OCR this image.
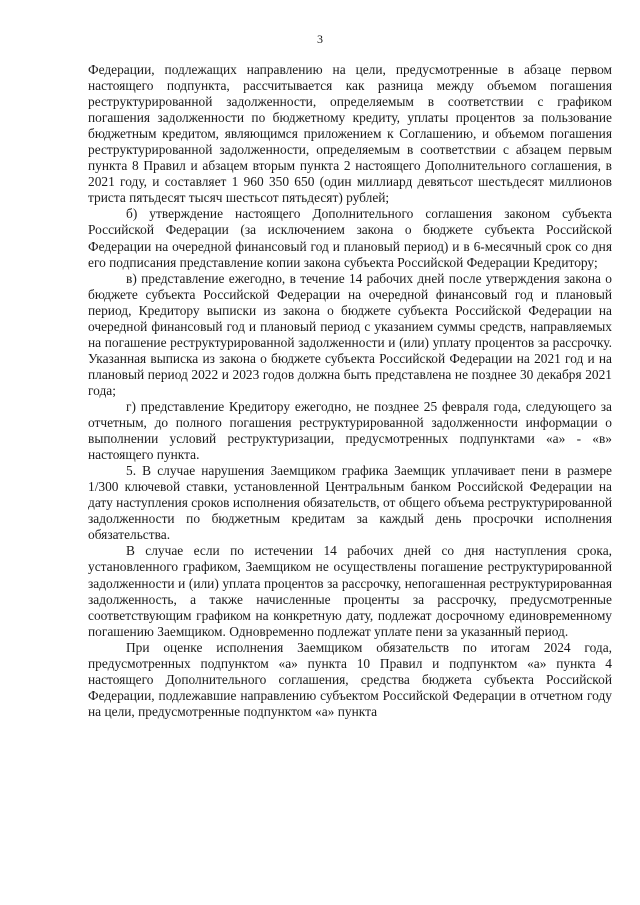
3

Федерации, подлежащих направлению на цели, предусмотренные в абзаце первом настоящего подпункта, рассчитывается как разница между объемом погашения реструктурированной задолженности, определяемым в соответствии с графиком погашения задолженности по бюджетному кредиту, уплаты процентов за пользование бюджетным кредитом, являющимся приложением к Соглашению, и объемом погашения реструктурированной задолженности, определяемым в соответствии с абзацем первым пункта 8 Правил и абзацем вторым пункта 2 настоящего Дополнительного соглашения, в 2021 году, и составляет 1 960 350 650 (один миллиард девятьсот шестьдесят миллионов триста пятьдесят тысяч шестьсот пятьдесят) рублей;

б) утверждение настоящего Дополнительного соглашения законом субъекта Российской Федерации (за исключением закона о бюджете субъекта Российской Федерации на очередной финансовый год и плановый период) и в 6-месячный срок со дня его подписания представление копии закона субъекта Российской Федерации Кредитору;

в) представление ежегодно, в течение 14 рабочих дней после утверждения закона о бюджете субъекта Российской Федерации на очередной финансовый год и плановый период, Кредитору выписки из закона о бюджете субъекта Российской Федерации на очередной финансовый год и плановый период с указанием суммы средств, направляемых на погашение реструктурированной задолженности и (или) уплату процентов за рассрочку. Указанная выписка из закона о бюджете субъекта Российской Федерации на 2021 год и на плановый период 2022 и 2023 годов должна быть представлена не позднее 30 декабря 2021 года;

г) представление Кредитору ежегодно, не позднее 25 февраля года, следующего за отчетным, до полного погашения реструктурированной задолженности информации о выполнении условий реструктуризации, предусмотренных подпунктами «а» - «в» настоящего пункта.

5. В случае нарушения Заемщиком графика Заемщик уплачивает пени в размере 1/300 ключевой ставки, установленной Центральным банком Российской Федерации на дату наступления сроков исполнения обязательств, от общего объема реструктурированной задолженности по бюджетным кредитам за каждый день просрочки исполнения обязательства.

В случае если по истечении 14 рабочих дней со дня наступления срока, установленного графиком, Заемщиком не осуществлены погашение реструктурированной задолженности и (или) уплата процентов за рассрочку, непогашенная реструктурированная задолженность, а также начисленные проценты за рассрочку, предусмотренные соответствующим графиком на конкретную дату, подлежат досрочному единовременному погашению Заемщиком. Одновременно подлежат уплате пени за указанный период.

При оценке исполнения Заемщиком обязательств по итогам 2024 года, предусмотренных подпунктом «а» пункта 10 Правил и подпунктом «а» пункта 4 настоящего Дополнительного соглашения, средства бюджета субъекта Российской Федерации, подлежавшие направлению субъектом Российской Федерации в отчетном году на цели, предусмотренные подпунктом «а» пункта
